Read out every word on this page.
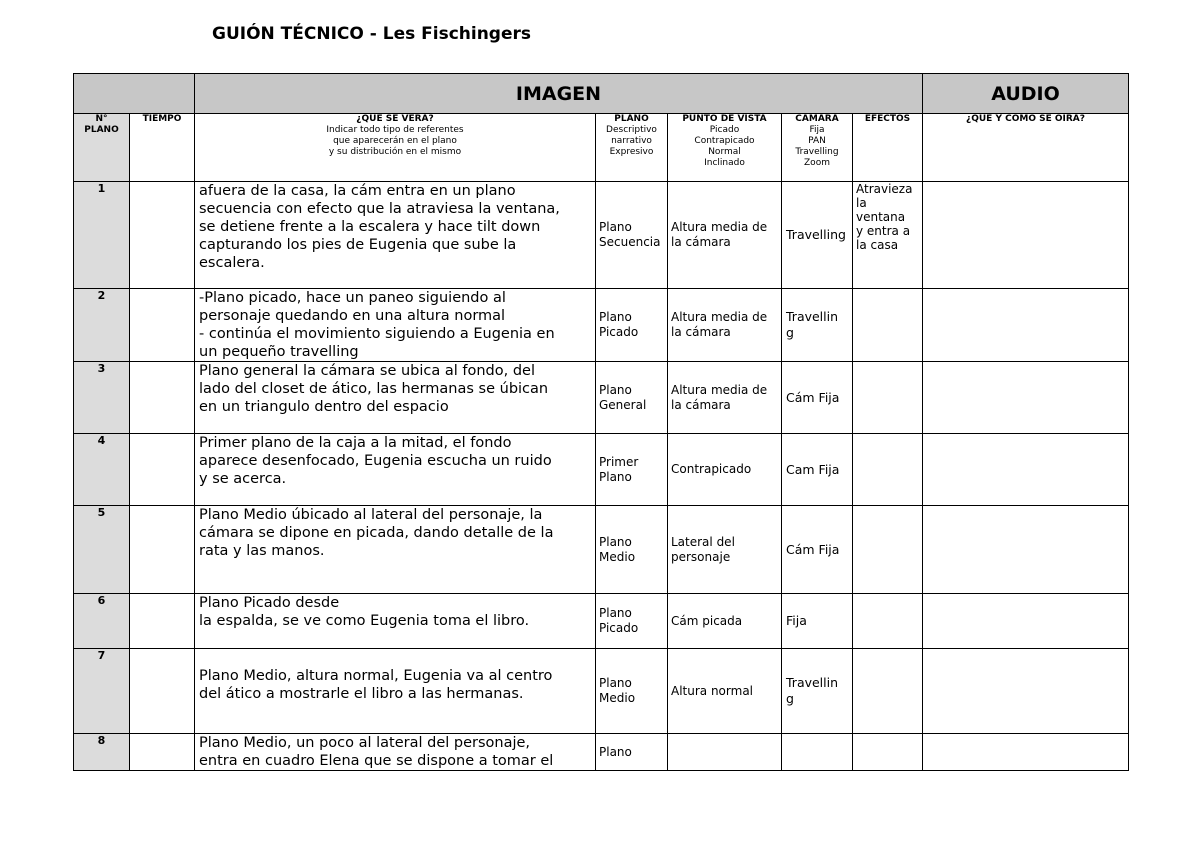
GUIÓN TÉCNICO - Les Fischingers
		IMAGEN					AUDIO
N°
PLANO	TIEMPO	¿QUÉ SE VERÁ?
Indicar todo tipo de referentes
que aparecerán en el plano
y su distribución en el mismo	PLANO
Descriptivo
narrativo
Expresivo	PUNTO DE VISTA
Picado
Contrapicado
Normal
Inclinado	CÁMARA
Fija
PAN
Travelling
Zoom	EFECTOS	¿QUÉ Y CÓMO SE OIRÁ?
1		afuera de la casa, la cám entra en un plano
secuencia con efecto que la atraviesa la ventana,
se detiene frente a la escalera y hace tilt down
capturando los pies de Eugenia que sube la
escalera.	Plano
Secuencia	Altura media de
la cámara	Travelling	Atravieza
la ventana
y entra a
la casa	
2		-Plano picado, hace un paneo siguiendo al
personaje quedando en una altura normal
- continúa el movimiento siguiendo a Eugenia en
un pequeño travelling	Plano
Picado	Altura media de
la cámara	Travellin
g		
3		Plano general la cámara se ubica al fondo, del
lado del closet de ático, las hermanas se úbican
en un triangulo dentro del espacio	Plano
General	Altura media de
la cámara	Cám Fija		
4		Primer plano de la caja a la mitad, el fondo
aparece desenfocado, Eugenia escucha un ruido
y se acerca.	Primer
Plano	Contrapicado	Cam Fija		
5		Plano Medio úbicado al lateral del personaje, la
cámara se dipone en picada, dando detalle de la
rata y las manos.	Plano
Medio	Lateral del
personaje	Cám Fija		
6		Plano Picado desde
la espalda, se ve como Eugenia toma el libro.	Plano
Picado	Cám picada	Fija		
7		Plano Medio, altura normal, Eugenia va al centro
del ático a mostrarle el libro a las hermanas.	Plano
Medio	Altura normal	Travellin
g		
8		Plano Medio, un poco al lateral del personaje,
entra en cuadro Elena que se dispone a tomar el	Plano				
